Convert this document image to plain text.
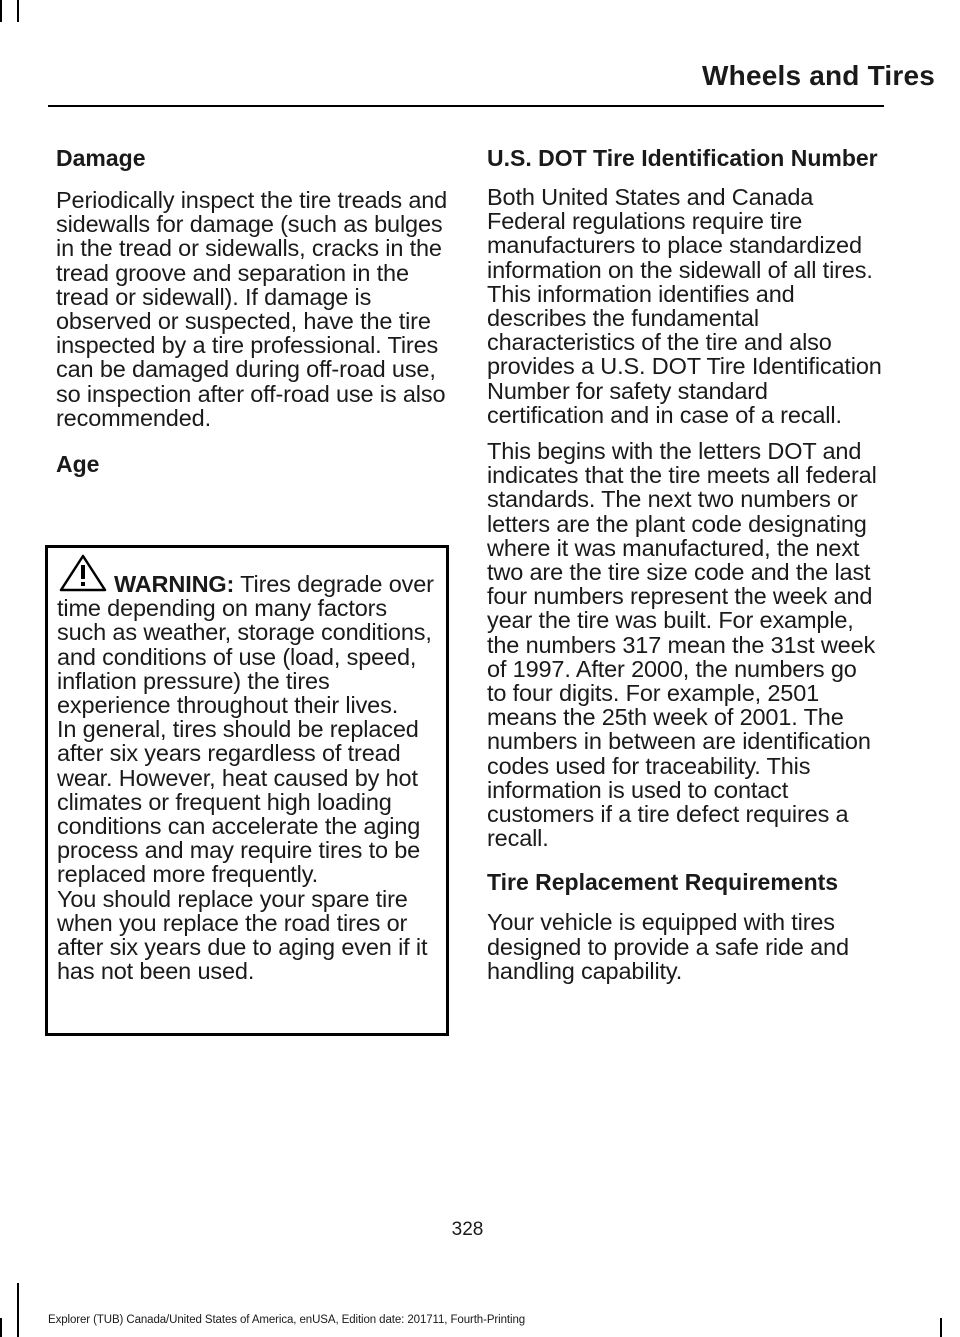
Wheels and Tires
Damage

Periodically inspect the tire treads and sidewalls for damage (such as bulges in the tread or sidewalls, cracks in the tread groove and separation in the tread or sidewall). If damage is observed or suspected, have the tire inspected by a tire professional. Tires can be damaged during off-road use, so inspection after off-road use is also recommended.

Age

WARNING: Tires degrade over time depending on many factors such as weather, storage conditions, and conditions of use (load, speed, inflation pressure) the tires experience throughout their lives.

In general, tires should be replaced after six years regardless of tread wear. However, heat caused by hot climates or frequent high loading conditions can accelerate the aging process and may require tires to be replaced more frequently.

You should replace your spare tire when you replace the road tires or after six years due to aging even if it has not been used.

U.S. DOT Tire Identification Number

Both United States and Canada Federal regulations require tire manufacturers to place standardized information on the sidewall of all tires. This information identifies and describes the fundamental characteristics of the tire and also provides a U.S. DOT Tire Identification Number for safety standard certification and in case of a recall.

This begins with the letters DOT and indicates that the tire meets all federal standards. The next two numbers or letters are the plant code designating where it was manufactured, the next two are the tire size code and the last four numbers represent the week and year the tire was built. For example, the numbers 317 mean the 31st week of 1997. After 2000, the numbers go to four digits. For example, 2501 means the 25th week of 2001. The numbers in between are identification codes used for traceability. This information is used to contact customers if a tire defect requires a recall.

Tire Replacement Requirements

Your vehicle is equipped with tires designed to provide a safe ride and handling capability.

328
Explorer (TUB) Canada/United States of America, enUSA, Edition date: 201711, Fourth-Printing
